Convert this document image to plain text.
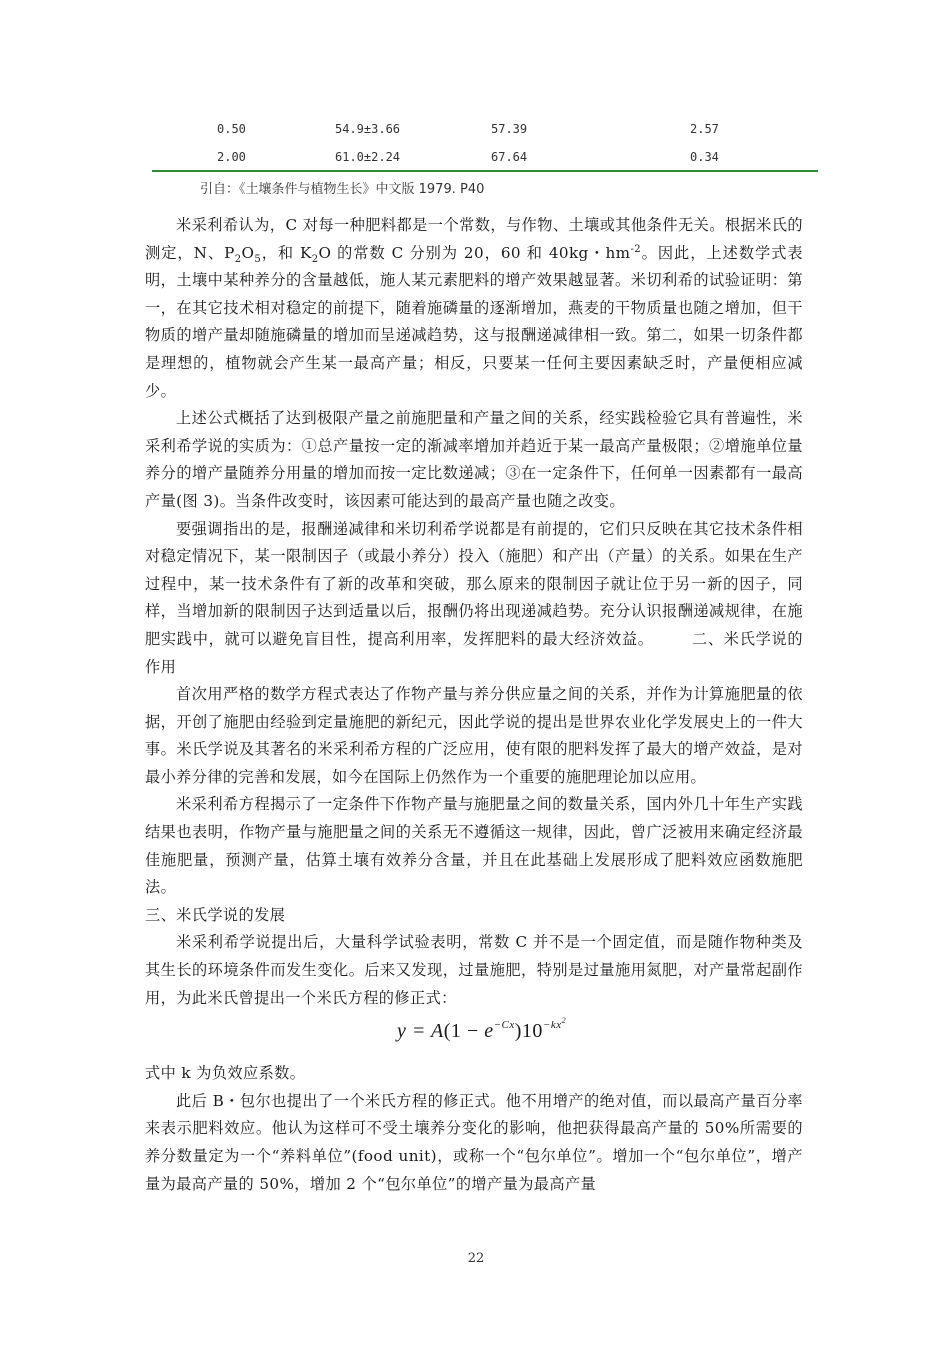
0.50	54.9±3.66	57.39	2.57
2.00	61.0±2.24	67.64	0.34
引自：《土壤条件与植物生长》中文版 1979. P40

米采利希认为，C 对每一种肥料都是一个常数，与作物、土壤或其他条件无关。根据米氏的测定，N、$P_2O_5$，和 $K_2O$ 的常数 C 分别为 20，60 和 40kg・$hm^{-2}$。因此，上述数学式表明，土壤中某种养分的含量越低，施人某元素肥料的增产效果越显著。米切利希的试验证明：第一，在其它技术相对稳定的前提下，随着施磷量的逐渐增加，燕麦的干物质量也随之增加，但干物质的增产量却随施磷量的增加而呈递减趋势，这与报酬递减律相一致。第二，如果一切条件都是理想的，植物就会产生某一最高产量；相反，只要某一任何主要因素缺乏时，产量便相应减少。

上述公式概括了达到极限产量之前施肥量和产量之间的关系，经实践检验它具有普遍性，米采利希学说的实质为：①总产量按一定的渐减率增加并趋近于某一最高产量极限；②增施单位量养分的增产量随养分用量的增加而按一定比数递减；③在一定条件下，任何单一因素都有一最高产量(图 3)。当条件改变时，该因素可能达到的最高产量也随之改变。

要强调指出的是，报酬递减律和米切利希学说都是有前提的，它们只反映在其它技术条件相对稳定情况下，某一限制因子（或最小养分）投入（施肥）和产出（产量）的关系。如果在生产过程中，某一技术条件有了新的改革和突破，那么原来的限制因子就让位于另一新的因子，同样，当增加新的限制因子达到适量以后，报酬仍将出现递减趋势。充分认识报酬递减规律，在施肥实践中，就可以避免盲目性，提高利用率，发挥肥料的最大经济效益。	二、米氏学说的作用

首次用严格的数学方程式表达了作物产量与养分供应量之间的关系，并作为计算施肥量的依据，开创了施肥由经验到定量施肥的新纪元，因此学说的提出是世界农业化学发展史上的一件大事。米氏学说及其著名的米采利希方程的广泛应用，使有限的肥料发挥了最大的增产效益，是对最小养分律的完善和发展，如今在国际上仍然作为一个重要的施肥理论加以应用。

米采利希方程揭示了一定条件下作物产量与施肥量之间的数量关系，国内外几十年生产实践结果也表明，作物产量与施肥量之间的关系无不遵循这一规律，因此，曾广泛被用来确定经济最佳施肥量，预测产量，估算土壤有效养分含量，并且在此基础上发展形成了肥料效应函数施肥法。

三、米氏学说的发展

米采利希学说提出后，大量科学试验表明，常数 C 并不是一个固定值，而是随作物种类及其生长的环境条件而发生变化。后来又发现，过量施肥，特别是过量施用氮肥，对产量常起副作用，为此米氏曾提出一个米氏方程的修正式：

$y = A(1 - e^{-Cx})10^{-kx^2}$

式中 k 为负效应系数。

此后 B・包尔也提出了一个米氏方程的修正式。他不用增产的绝对值，而以最高产量百分率来表示肥料效应。他认为这样可不受土壤养分变化的影响，他把获得最高产量的 50%所需要的养分数量定为一个“养料单位”(food unit)，或称一个“包尔单位”。增加一个“包尔单位”，增产量为最高产量的 50%，增加 2 个“包尔单位”的增产量为最高产量

22
